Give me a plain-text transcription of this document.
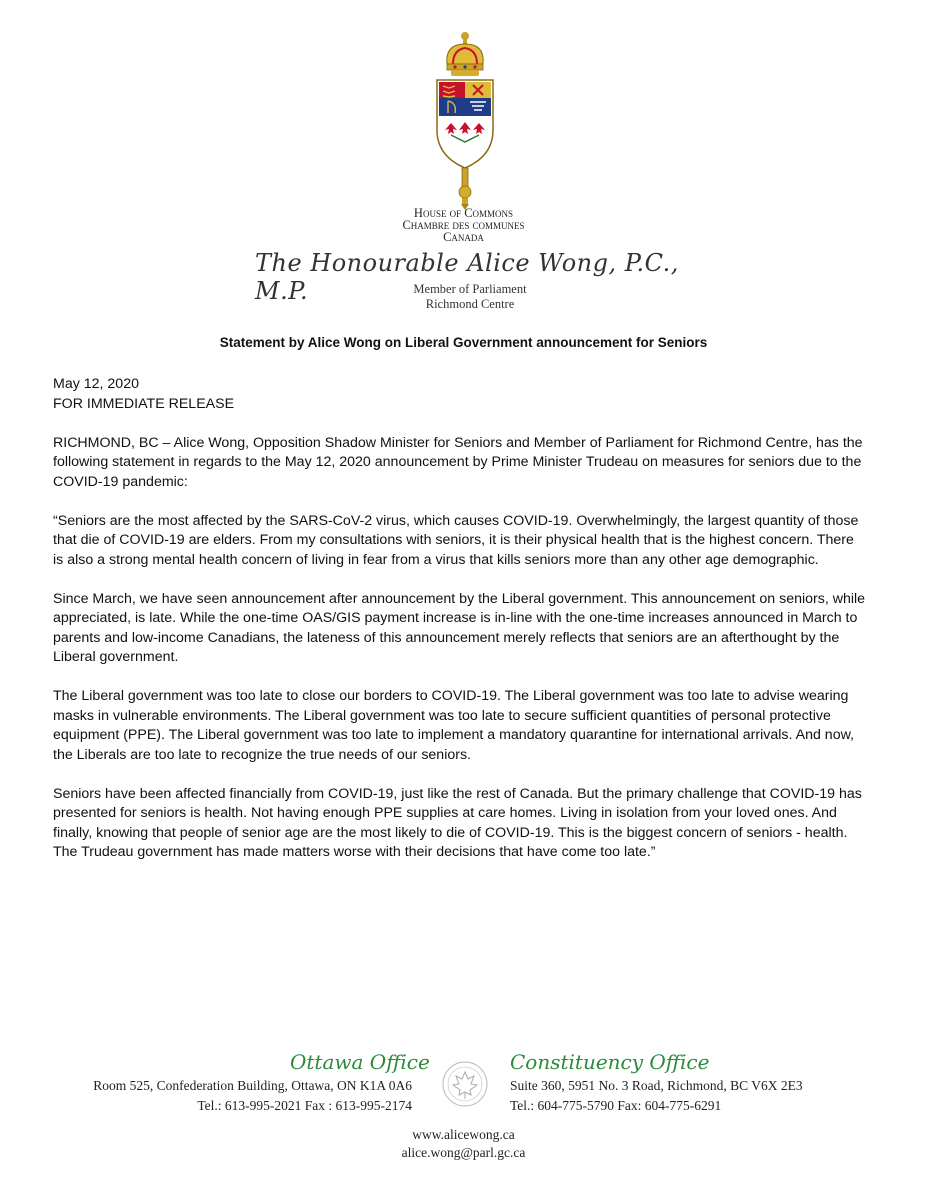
House of Commons
Chambre des communes
Canada
The Honourable Alice Wong, P.C., M.P.	Member of Parliament
Richmond Centre
Statement by Alice Wong on Liberal Government announcement for Seniors

May 12, 2020

FOR IMMEDIATE RELEASE

RICHMOND, BC – Alice Wong, Opposition Shadow Minister for Seniors and Member of Parliament for Richmond Centre, has the following statement in regards to the May 12, 2020 announcement by Prime Minister Trudeau on measures for seniors due to the COVID-19 pandemic:

“Seniors are the most affected by the SARS-CoV-2 virus, which causes COVID-19. Overwhelmingly, the largest quantity of those that die of COVID-19 are elders. From my consultations with seniors, it is their physical health that is the highest concern. There is also a strong mental health concern of living in fear from a virus that kills seniors more than any other age demographic.

Since March, we have seen announcement after announcement by the Liberal government. This announcement on seniors, while appreciated, is late. While the one-time OAS/GIS payment increase is in-line with the one-time increases announced in March to parents and low-income Canadians, the lateness of this announcement merely reflects that seniors are an afterthought by the Liberal government.

The Liberal government was too late to close our borders to COVID-19. The Liberal government was too late to advise wearing masks in vulnerable environments. The Liberal government was too late to secure sufficient quantities of personal protective equipment (PPE). The Liberal government was too late to implement a mandatory quarantine for international arrivals. And now, the Liberals are too late to recognize the true needs of our seniors.

Seniors have been affected financially from COVID-19, just like the rest of Canada. But the primary challenge that COVID-19 has presented for seniors is health. Not having enough PPE supplies at care homes. Living in isolation from your loved ones. And finally, knowing that people of senior age are the most likely to die of COVID-19. This is the biggest concern of seniors - health. The Trudeau government has made matters worse with their decisions that have come too late.”

Ottawa Office
Room 525, Confederation Building, Ottawa, ON K1A 0A6
Tel.: 613-995-2021 Fax : 613-995-2174
Constituency Office
Suite 360, 5951 No. 3 Road, Richmond, BC V6X 2E3
Tel.: 604-775-5790 Fax: 604-775-6291
www.alicewong.ca
alice.wong@parl.gc.ca
